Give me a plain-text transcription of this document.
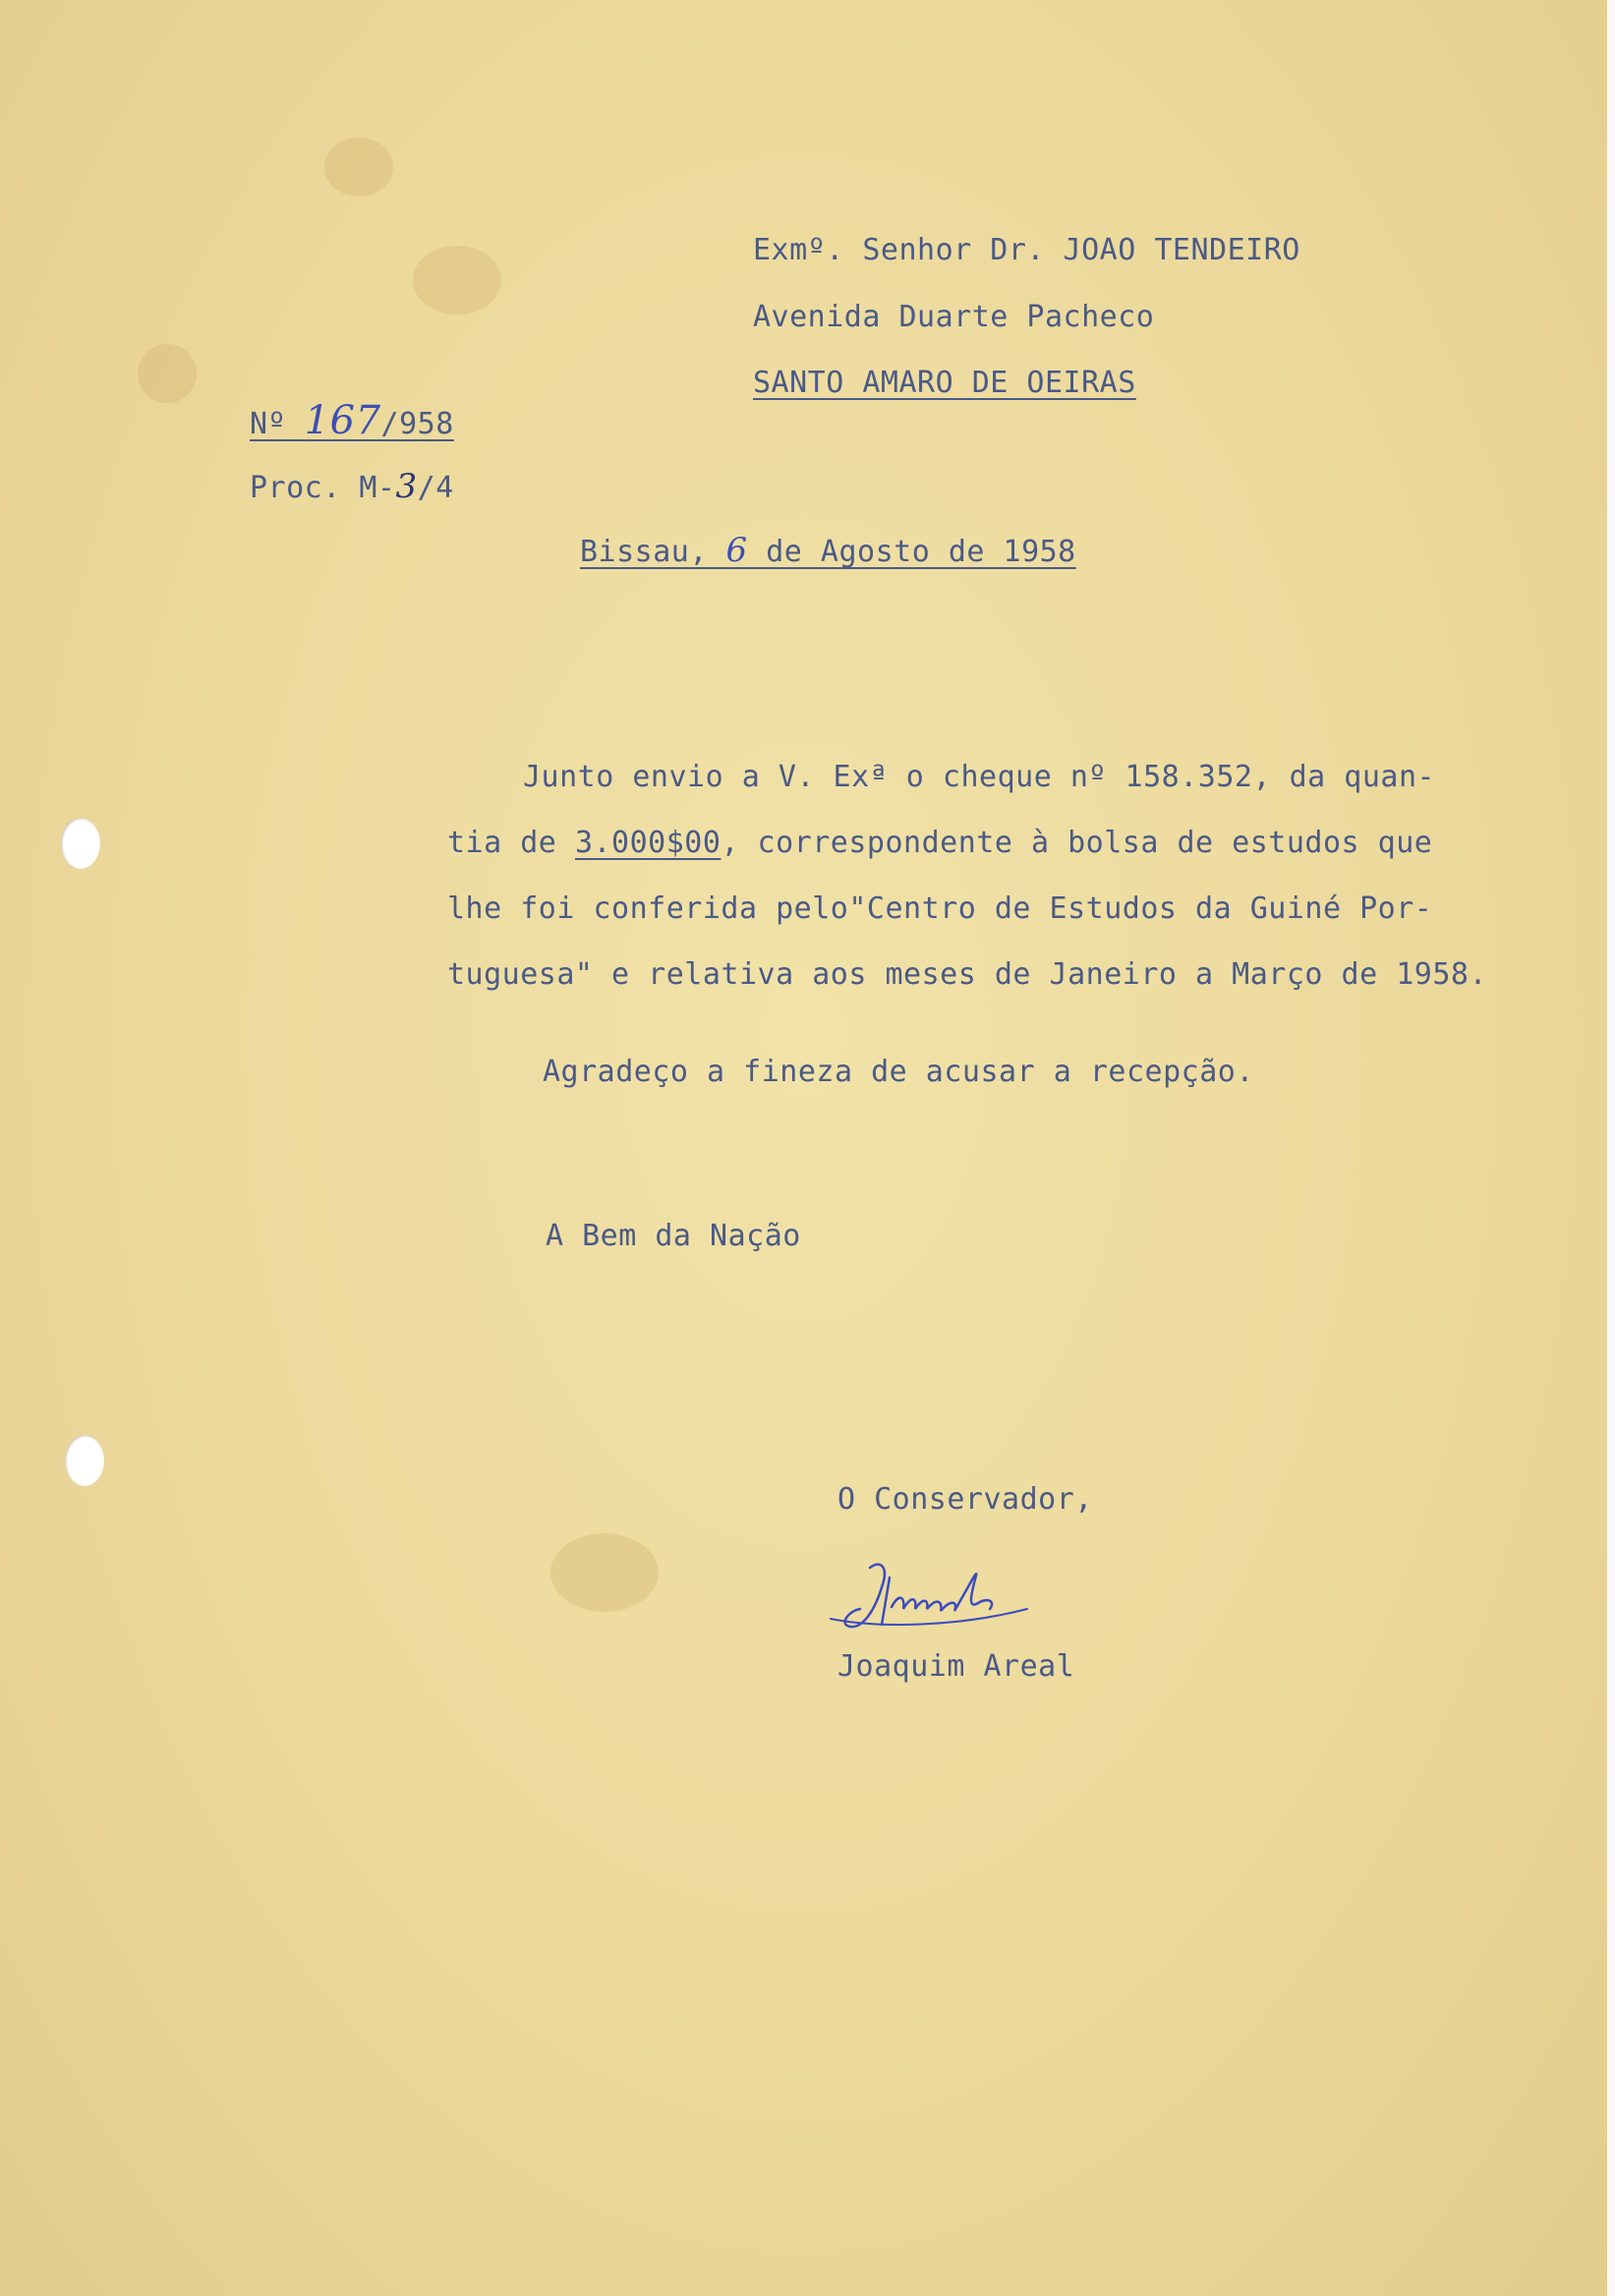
Exmº. Senhor Dr. JOAO TENDEIRO

Avenida Duarte Pacheco

SANTO AMARO DE OEIRAS

Nº 167/958

Proc. M-3/4

Bissau, 6 de Agosto de 1958

Junto envio a V. Exª o cheque nº 158.352, da quan-

tia de 3.000$00, correspondente à bolsa de estudos que

lhe foi conferida pelo"Centro de Estudos da Guiné Por-

tuguesa" e relativa aos meses de Janeiro a Março de 1958.

Agradeço a fineza de acusar a recepção.

A Bem da Nação

O Conservador,

Joaquim Areal
